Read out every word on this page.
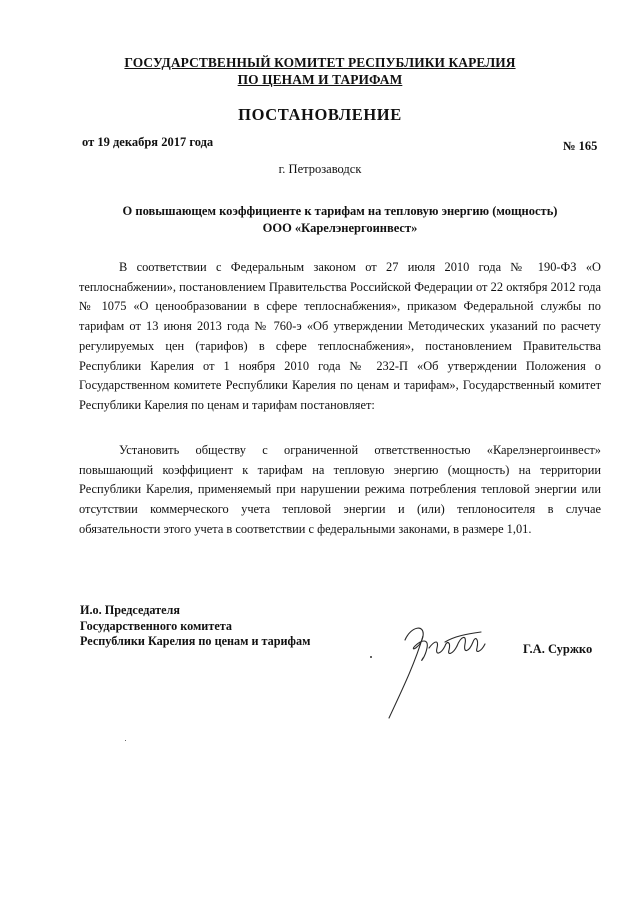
ГОСУДАРСТВЕННЫЙ КОМИТЕТ РЕСПУБЛИКИ КАРЕЛИЯ
ПО ЦЕНАМ И ТАРИФАМ
ПОСТАНОВЛЕНИЕ
от 19 декабря 2017 года	№ 165
г. Петрозаводск
О повышающем коэффициенте к тарифам на тепловую энергию (мощность)
ООО «Карелэнергоинвест»

В соответствии с Федеральным законом от 27 июля 2010 года № 190-ФЗ «О теплоснабжении», постановлением Правительства Российской Федерации от 22 октября 2012 года № 1075 «О ценообразовании в сфере теплоснабжения», приказом Федеральной службы по тарифам от 13 июня 2013 года № 760-э «Об утверждении Методических указаний по расчету регулируемых цен (тарифов) в сфере теплоснабжения», постановлением Правительства Республики Карелия от 1 ноября 2010 года № 232-П «Об утверждении Положения о Государственном комитете Республики Карелия по ценам и тарифам», Государственный комитет Республики Карелия по ценам и тарифам постановляет:

Установить обществу с ограниченной ответственностью «Карелэнергоинвест» повышающий коэффициент к тарифам на тепловую энергию (мощность) на территории Республики Карелия, применяемый при нарушении режима потребления тепловой энергии или отсутствии коммерческого учета тепловой энергии и (или) теплоносителя в случае обязательности этого учета в соответствии с федеральными законами, в размере 1,01.

И.о. Председателя
Государственного комитета
Республики Карелия по ценам и тарифам
Г.А. Суржко
